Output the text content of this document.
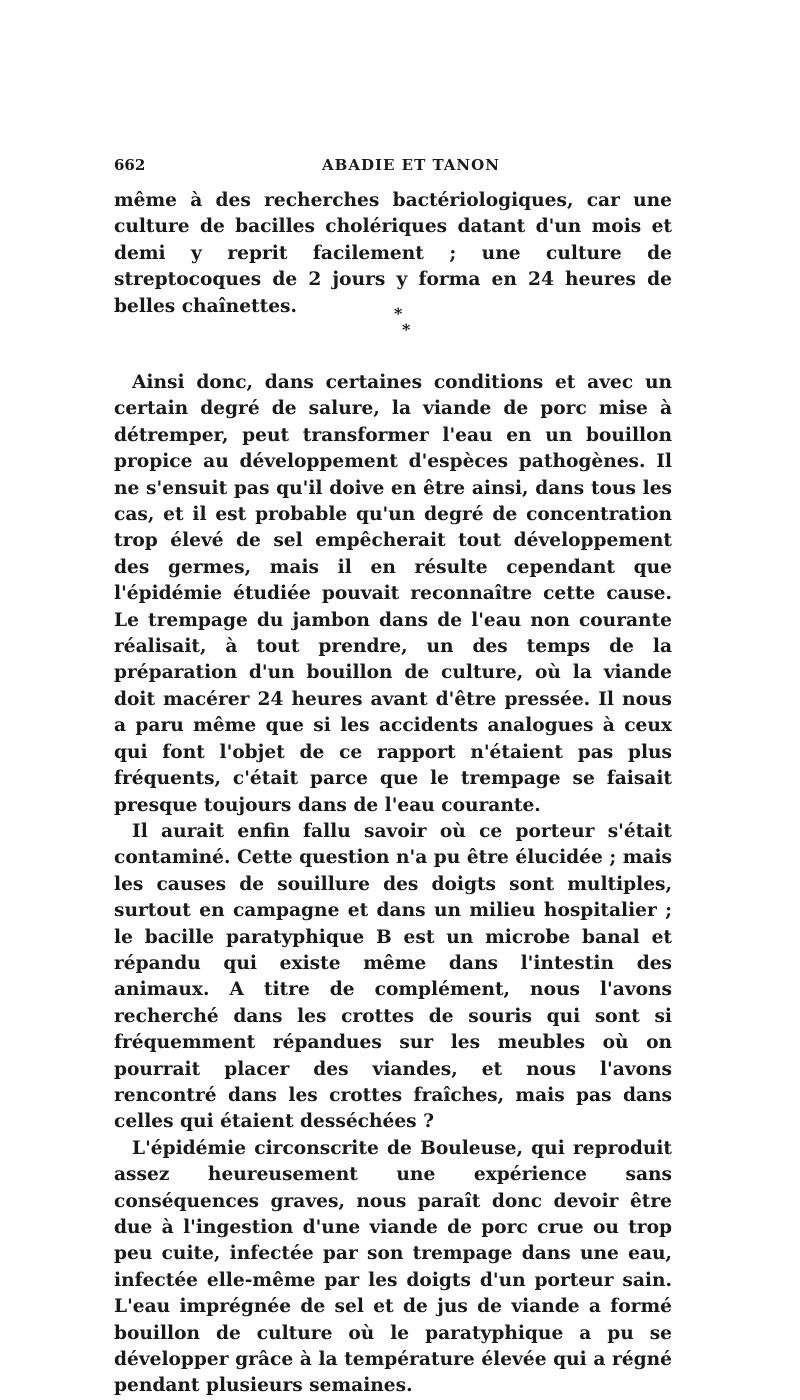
662	ABADIE ET TANON

même à des recherches bactériologiques, car une culture de bacilles cholériques datant d'un mois et demi y reprit facilement ; une culture de streptocoques de 2 jours y forma en 24 heures de belles chaînettes.	*
*

Ainsi donc, dans certaines conditions et avec un certain degré de salure, la viande de porc mise à détremper, peut transformer l'eau en un bouillon propice au développement d'espèces pathogènes. Il ne s'ensuit pas qu'il doive en être ainsi, dans tous les cas, et il est probable qu'un degré de concentration trop élevé de sel empêcherait tout développement des germes, mais il en résulte cependant que l'épidémie étudiée pouvait reconnaître cette cause. Le trempage du jambon dans de l'eau non courante réalisait, à tout prendre, un des temps de la préparation d'un bouillon de culture, où la viande doit macérer 24 heures avant d'être pressée. Il nous a paru même que si les accidents analogues à ceux qui font l'objet de ce rapport n'étaient pas plus fréquents, c'était parce que le trempage se faisait presque toujours dans de l'eau courante.

Il aurait enfin fallu savoir où ce porteur s'était contaminé. Cette question n'a pu être élucidée ; mais les causes de souillure des doigts sont multiples, surtout en campagne et dans un milieu hospitalier ; le bacille paratyphique B est un microbe banal et répandu qui existe même dans l'intestin des animaux. A titre de complément, nous l'avons recherché dans les crottes de souris qui sont si fréquemment répandues sur les meubles où on pourrait placer des viandes, et nous l'avons rencontré dans les crottes fraîches, mais pas dans celles qui étaient desséchées ?

L'épidémie circonscrite de Bouleuse, qui reproduit assez heureusement une expérience sans conséquences graves, nous paraît donc devoir être due à l'ingestion d'une viande de porc crue ou trop peu cuite, infectée par son trempage dans une eau, infectée elle-même par les doigts d'un porteur sain. L'eau imprégnée de sel et de jus de viande a formé bouillon de culture où le paratyphique a pu se développer grâce à la température élevée qui a régné pendant plusieurs semaines.
